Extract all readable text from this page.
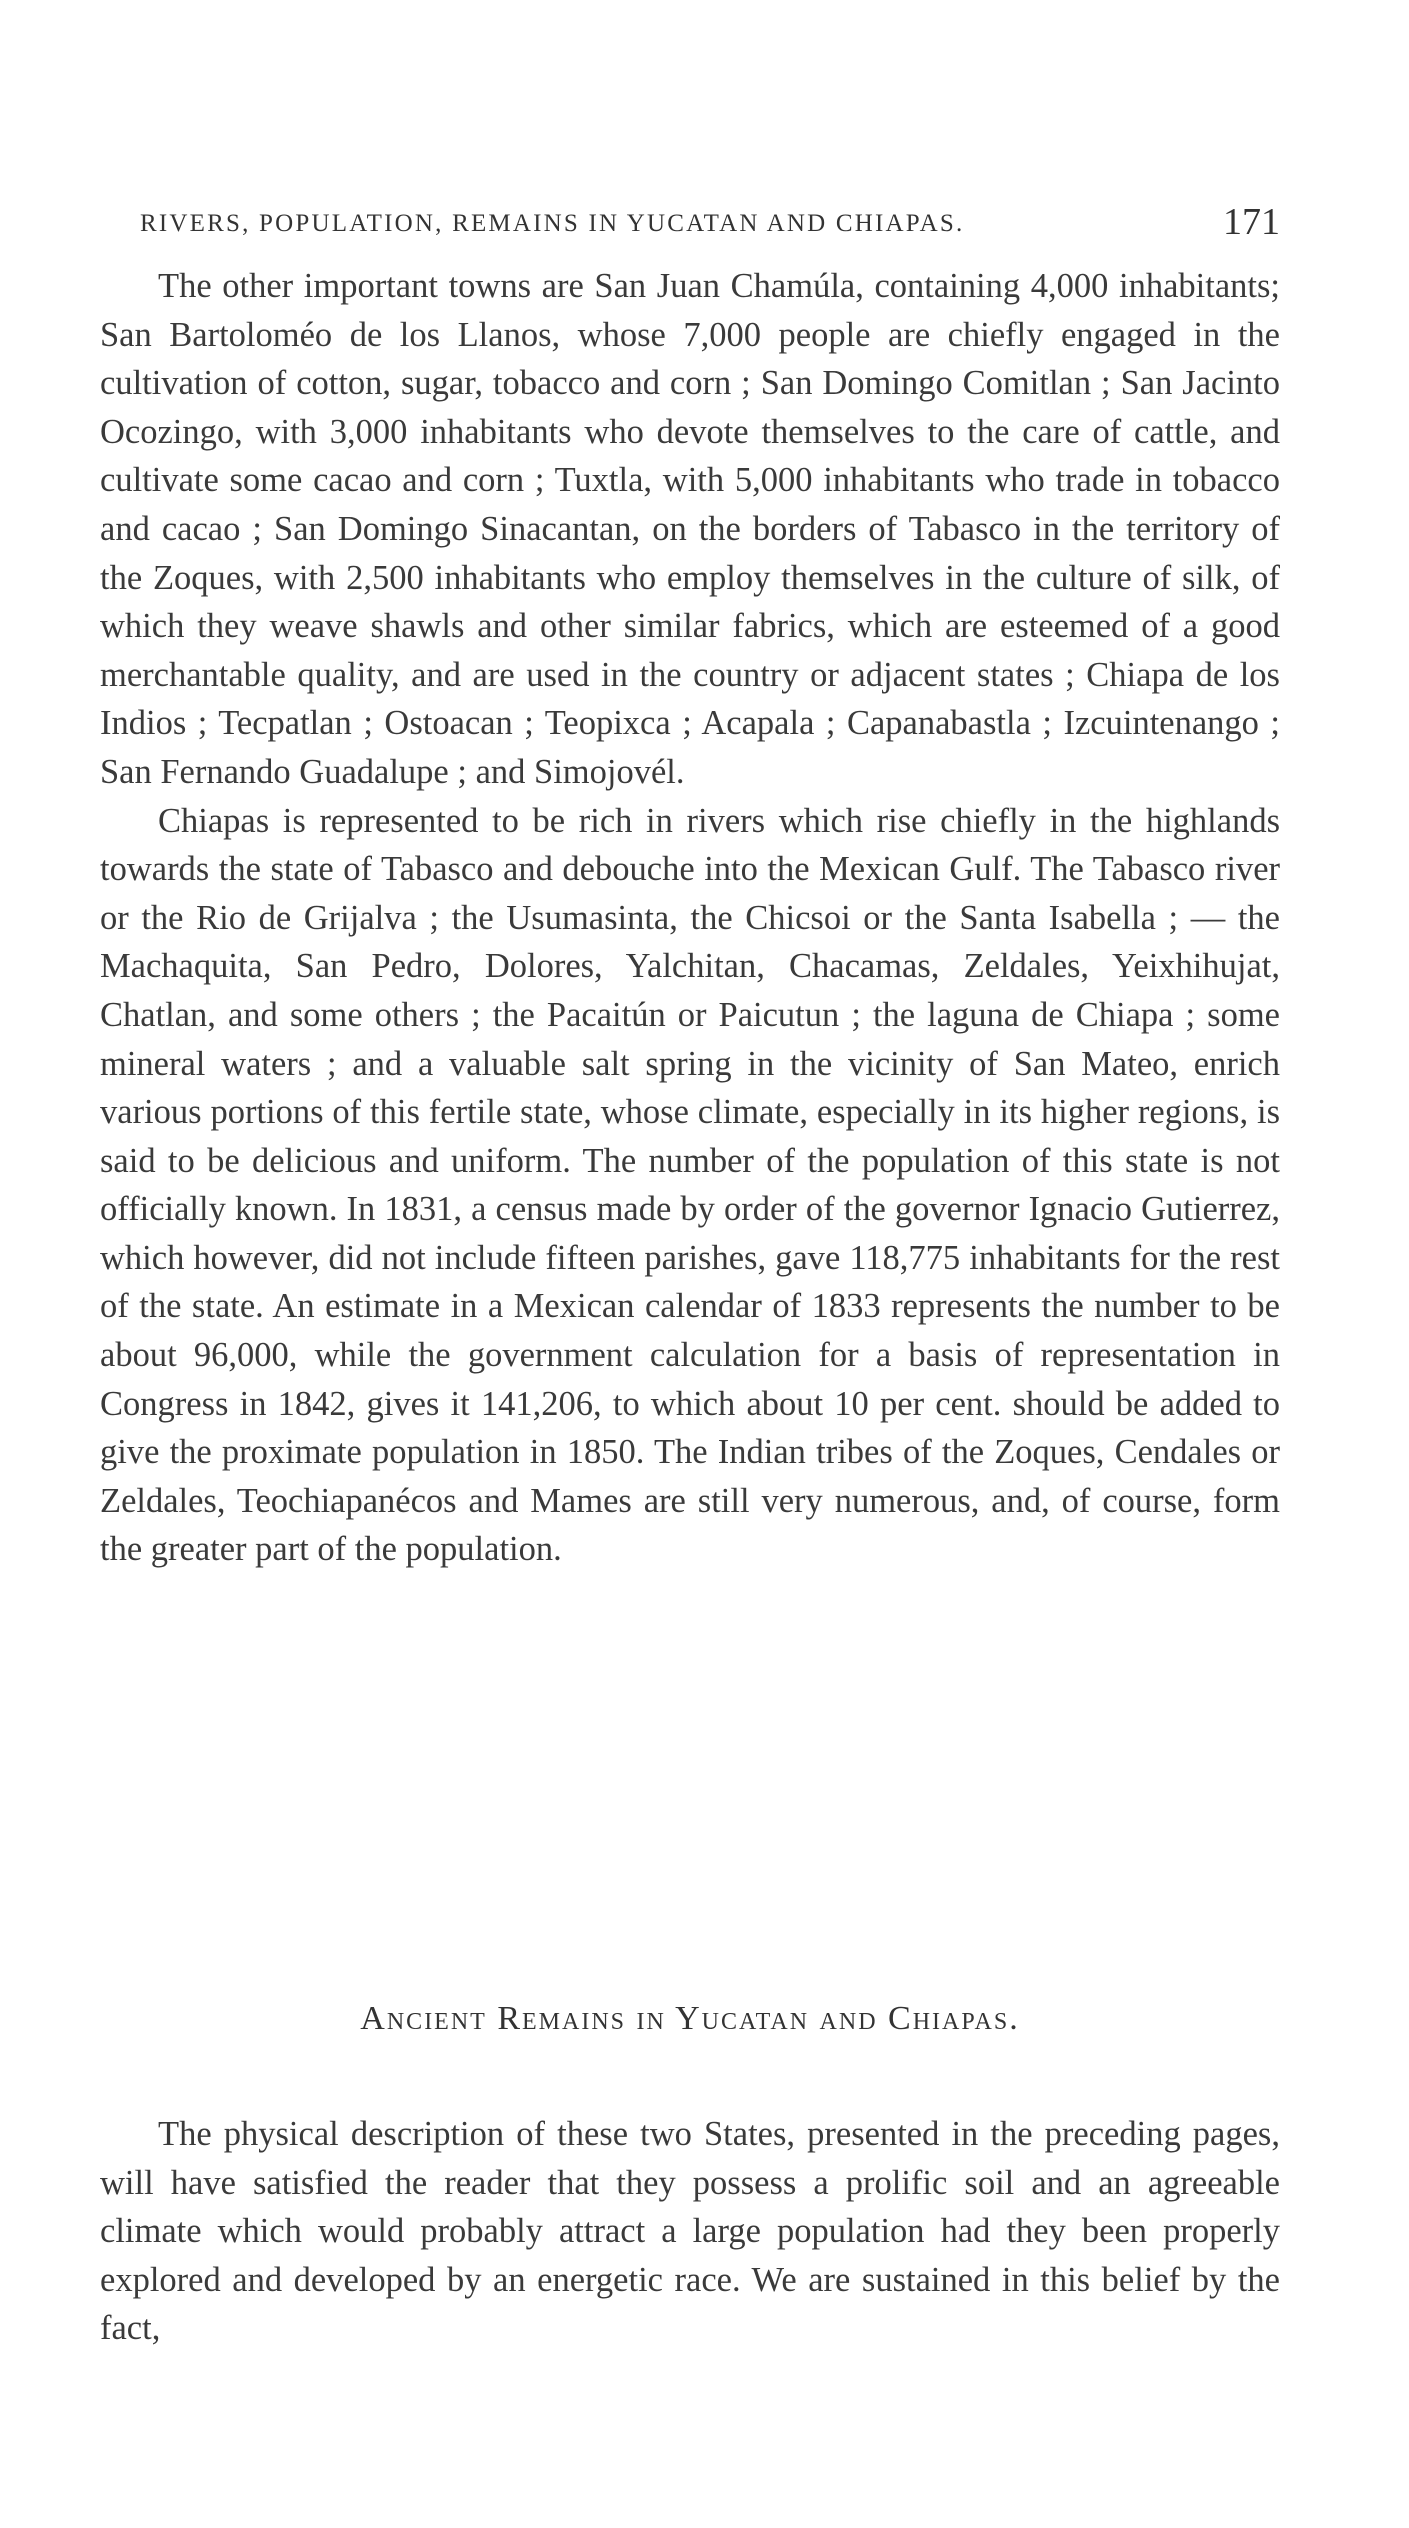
RIVERS, POPULATION, REMAINS IN YUCATAN AND CHIAPAS.	171

The other important towns are San Juan Chamúla, containing 4,000 inhabitants; San Bartoloméo de los Llanos, whose 7,000 people are chiefly engaged in the cultivation of cotton, sugar, tobacco and corn ; San Domingo Comitlan ; San Jacinto Ocozingo, with 3,000 inhabitants who devote themselves to the care of cattle, and cultivate some cacao and corn ; Tuxtla, with 5,000 inhabitants who trade in tobacco and cacao ; San Domingo Sinacantan, on the borders of Tabasco in the territory of the Zoques, with 2,500 inhabitants who employ themselves in the culture of silk, of which they weave shawls and other similar fabrics, which are esteemed of a good merchantable quality, and are used in the country or adjacent states ; Chiapa de los Indios ; Tecpatlan ; Ostoacan ; Teopixca ; Acapala ; Capanabastla ; Izcuintenango ; San Fernando Guadalupe ; and Simojovél.

Chiapas is represented to be rich in rivers which rise chiefly in the highlands towards the state of Tabasco and debouche into the Mexican Gulf. The Tabasco river or the Rio de Grijalva ; the Usumasinta, the Chicsoi or the Santa Isabella ; — the Machaquita, San Pedro, Dolores, Yalchitan, Chacamas, Zeldales, Yeixhihujat, Chatlan, and some others ; the Pacaitún or Paicutun ; the laguna de Chiapa ; some mineral waters ; and a valuable salt spring in the vicinity of San Mateo, enrich various portions of this fertile state, whose climate, especially in its higher regions, is said to be delicious and uniform. The number of the population of this state is not officially known. In 1831, a census made by order of the governor Ignacio Gutierrez, which however, did not include fifteen parishes, gave 118,775 inhabitants for the rest of the state. An estimate in a Mexican calendar of 1833 represents the number to be about 96,000, while the government calculation for a basis of representation in Congress in 1842, gives it 141,206, to which about 10 per cent. should be added to give the proximate population in 1850. The Indian tribes of the Zoques, Cendales or Zeldales, Teochiapanécos and Mames are still very numerous, and, of course, form the greater part of the population.

Ancient Remains in Yucatan and Chiapas.

The physical description of these two States, presented in the preceding pages, will have satisfied the reader that they possess a prolific soil and an agreeable climate which would probably attract a large population had they been properly explored and developed by an energetic race. We are sustained in this belief by the fact,
